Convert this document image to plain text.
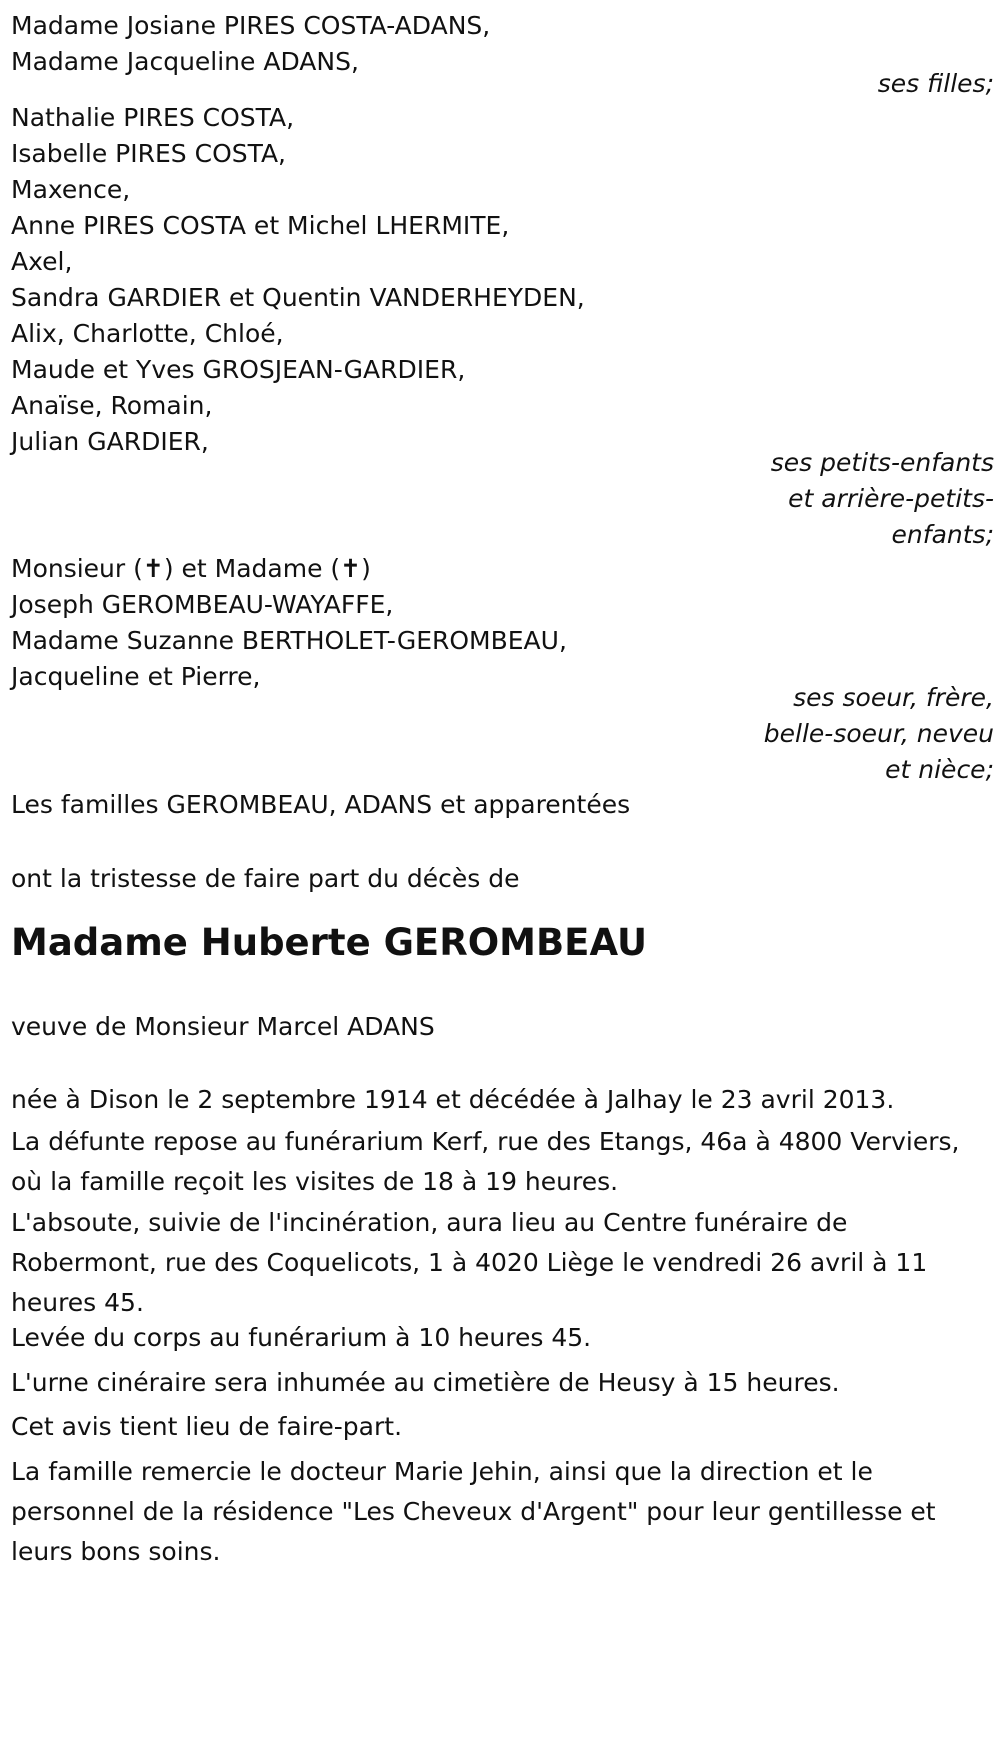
Madame Josiane PIRES COSTA-ADANS,
Madame Jacqueline ADANS,
ses filles;
Nathalie PIRES COSTA,
Isabelle PIRES COSTA,
Maxence,
Anne PIRES COSTA et Michel LHERMITE,
Axel,
Sandra GARDIER et Quentin VANDERHEYDEN,
Alix, Charlotte, Chloé,
Maude et Yves GROSJEAN-GARDIER,
Anaïse, Romain,
Julian GARDIER,
ses petits-enfants
et arrière-petits-
enfants;
Monsieur (✝) et Madame (✝)
Joseph GEROMBEAU-WAYAFFE,
Madame Suzanne BERTHOLET-GEROMBEAU,
Jacqueline et Pierre,
ses soeur, frère,
belle-soeur, neveu
et nièce;
Les familles GEROMBEAU, ADANS et apparentées
ont la tristesse de faire part du décès de
Madame Huberte GEROMBEAU
veuve de Monsieur Marcel ADANS
née à Dison le 2 septembre 1914 et décédée à Jalhay le 23 avril 2013.
La défunte repose au funérarium Kerf, rue des Etangs, 46a à 4800 Verviers, où la famille reçoit les visites de 18 à 19 heures.
L'absoute, suivie de l'incinération, aura lieu au Centre funéraire de Robermont, rue des Coquelicots, 1 à 4020 Liège le vendredi 26 avril à 11 heures 45.
Levée du corps au funérarium à 10 heures 45.
L'urne cinéraire sera inhumée au cimetière de Heusy à 15 heures.
Cet avis tient lieu de faire-part.
La famille remercie le docteur Marie Jehin, ainsi que la direction et le personnel de la résidence "Les Cheveux d'Argent" pour leur gentillesse et leurs bons soins.
